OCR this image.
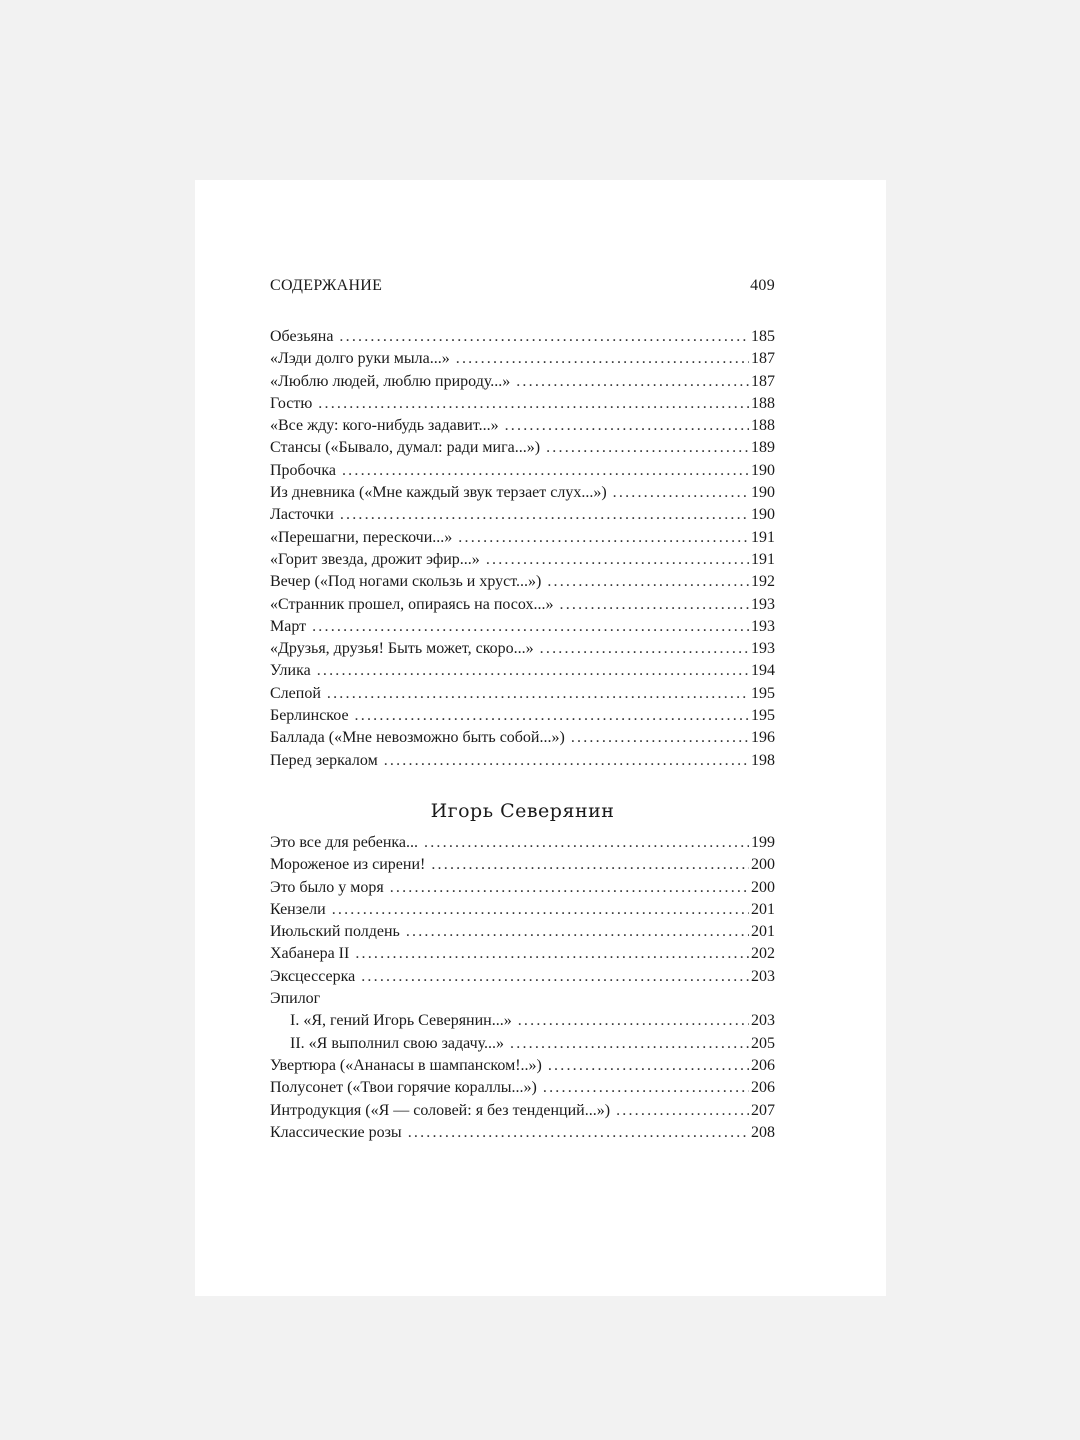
СОДЕРЖАНИЕ	409
Обезьяна .....	185
«Лэди долго руки мыла...» .....	187
«Люблю людей, люблю природу...» .....	187
Гостю .....	188
«Все жду: кого-нибудь задавит...» .....	188
Стансы («Бывало, думал: ради мига...») .....	189
Пробочка .....	190
Из дневника («Мне каждый звук терзает слух...») .....	190
Ласточки .....	190
«Перешагни, перескочи...» .....	191
«Горит звезда, дрожит эфир...» .....	191
Вечер («Под ногами скользь и хруст...») .....	192
«Странник прошел, опираясь на посох...» .....	193
Март .....	193
«Друзья, друзья! Быть может, скоро...» .....	193
Улика .....	194
Слепой .....	195
Берлинское .....	195
Баллада («Мне невозможно быть собой...») .....	196
Перед зеркалом .....	198
Игорь Северянин
Это все для ребенка... .....	199
Мороженое из сирени! .....	200
Это было у моря .....	200
Кензели .....	201
Июльский полдень .....	201
Хабанера II .....	202
Эксцессерка .....	203
Эпилог
I. «Я, гений Игорь Северянин...» .....	203
II. «Я выполнил свою задачу...» .....	205
Увертюра («Ананасы в шампанском!..») .....	206
Полусонет («Твои горячие кораллы...») .....	206
Интродукция («Я — соловей: я без тенденций...») .....	207
Классические розы .....	208
